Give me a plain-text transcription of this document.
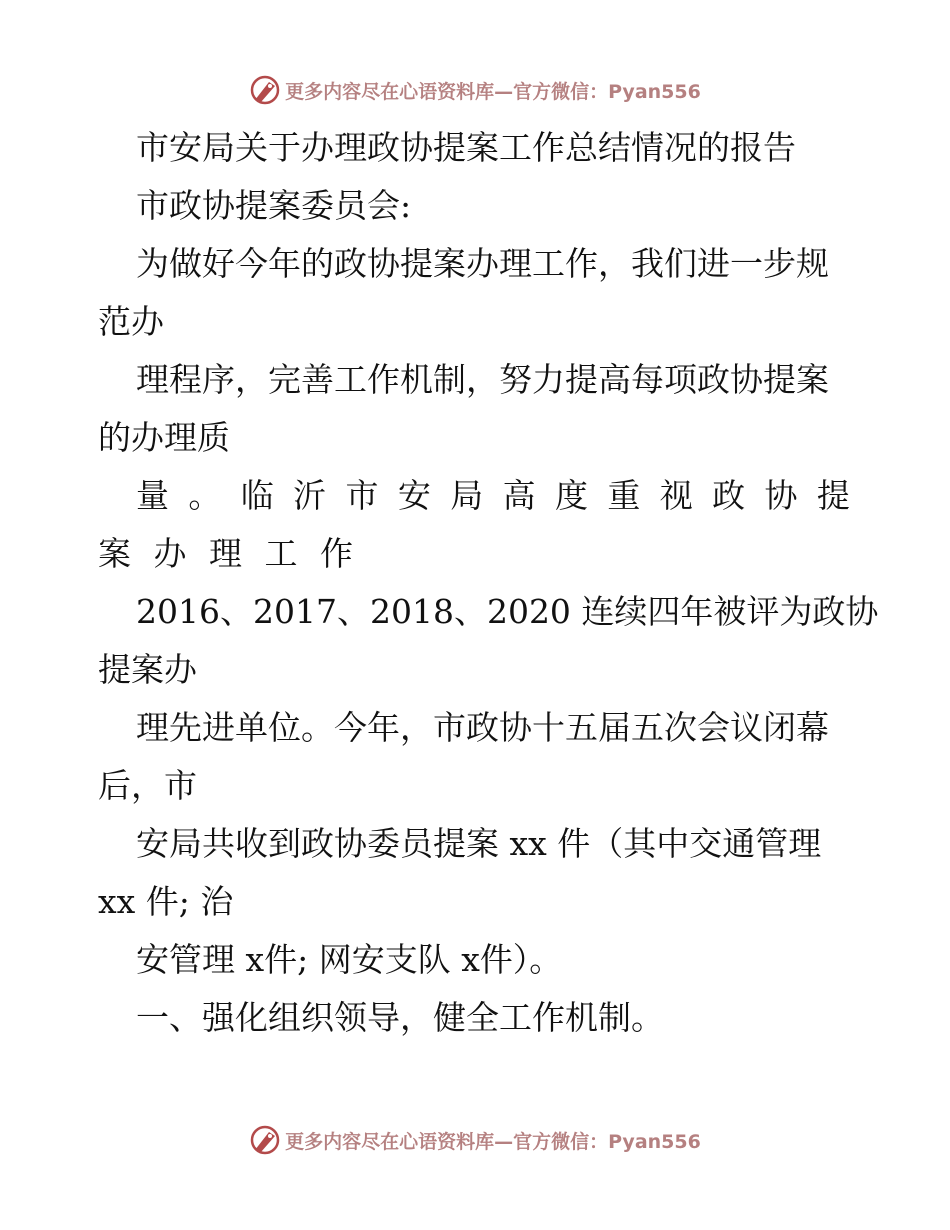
更多内容尽在心语资料库—官方微信：Pyan556
市安局关于办理政协提案工作总结情况的报告
市政协提案委员会:
为做好今年的政协提案办理工作，我们进一步规
范办
理程序，完善工作机制，努力提高每项政协提案
的办理质
量 。 临 沂 市 安 局 高 度 重 视 政 协 提
案 办 理 工 作
2016、2017、2018、2020 连续四年被评为政协
提案办
理先进单位。今年，市政协十五届五次会议闭幕
后，市
安局共收到政协委员提案 xx 件（其中交通管理
xx 件; 治
安管理 x件; 网安支队 x件）。
一、强化组织领导，健全工作机制。
更多内容尽在心语资料库—官方微信：Pyan556
